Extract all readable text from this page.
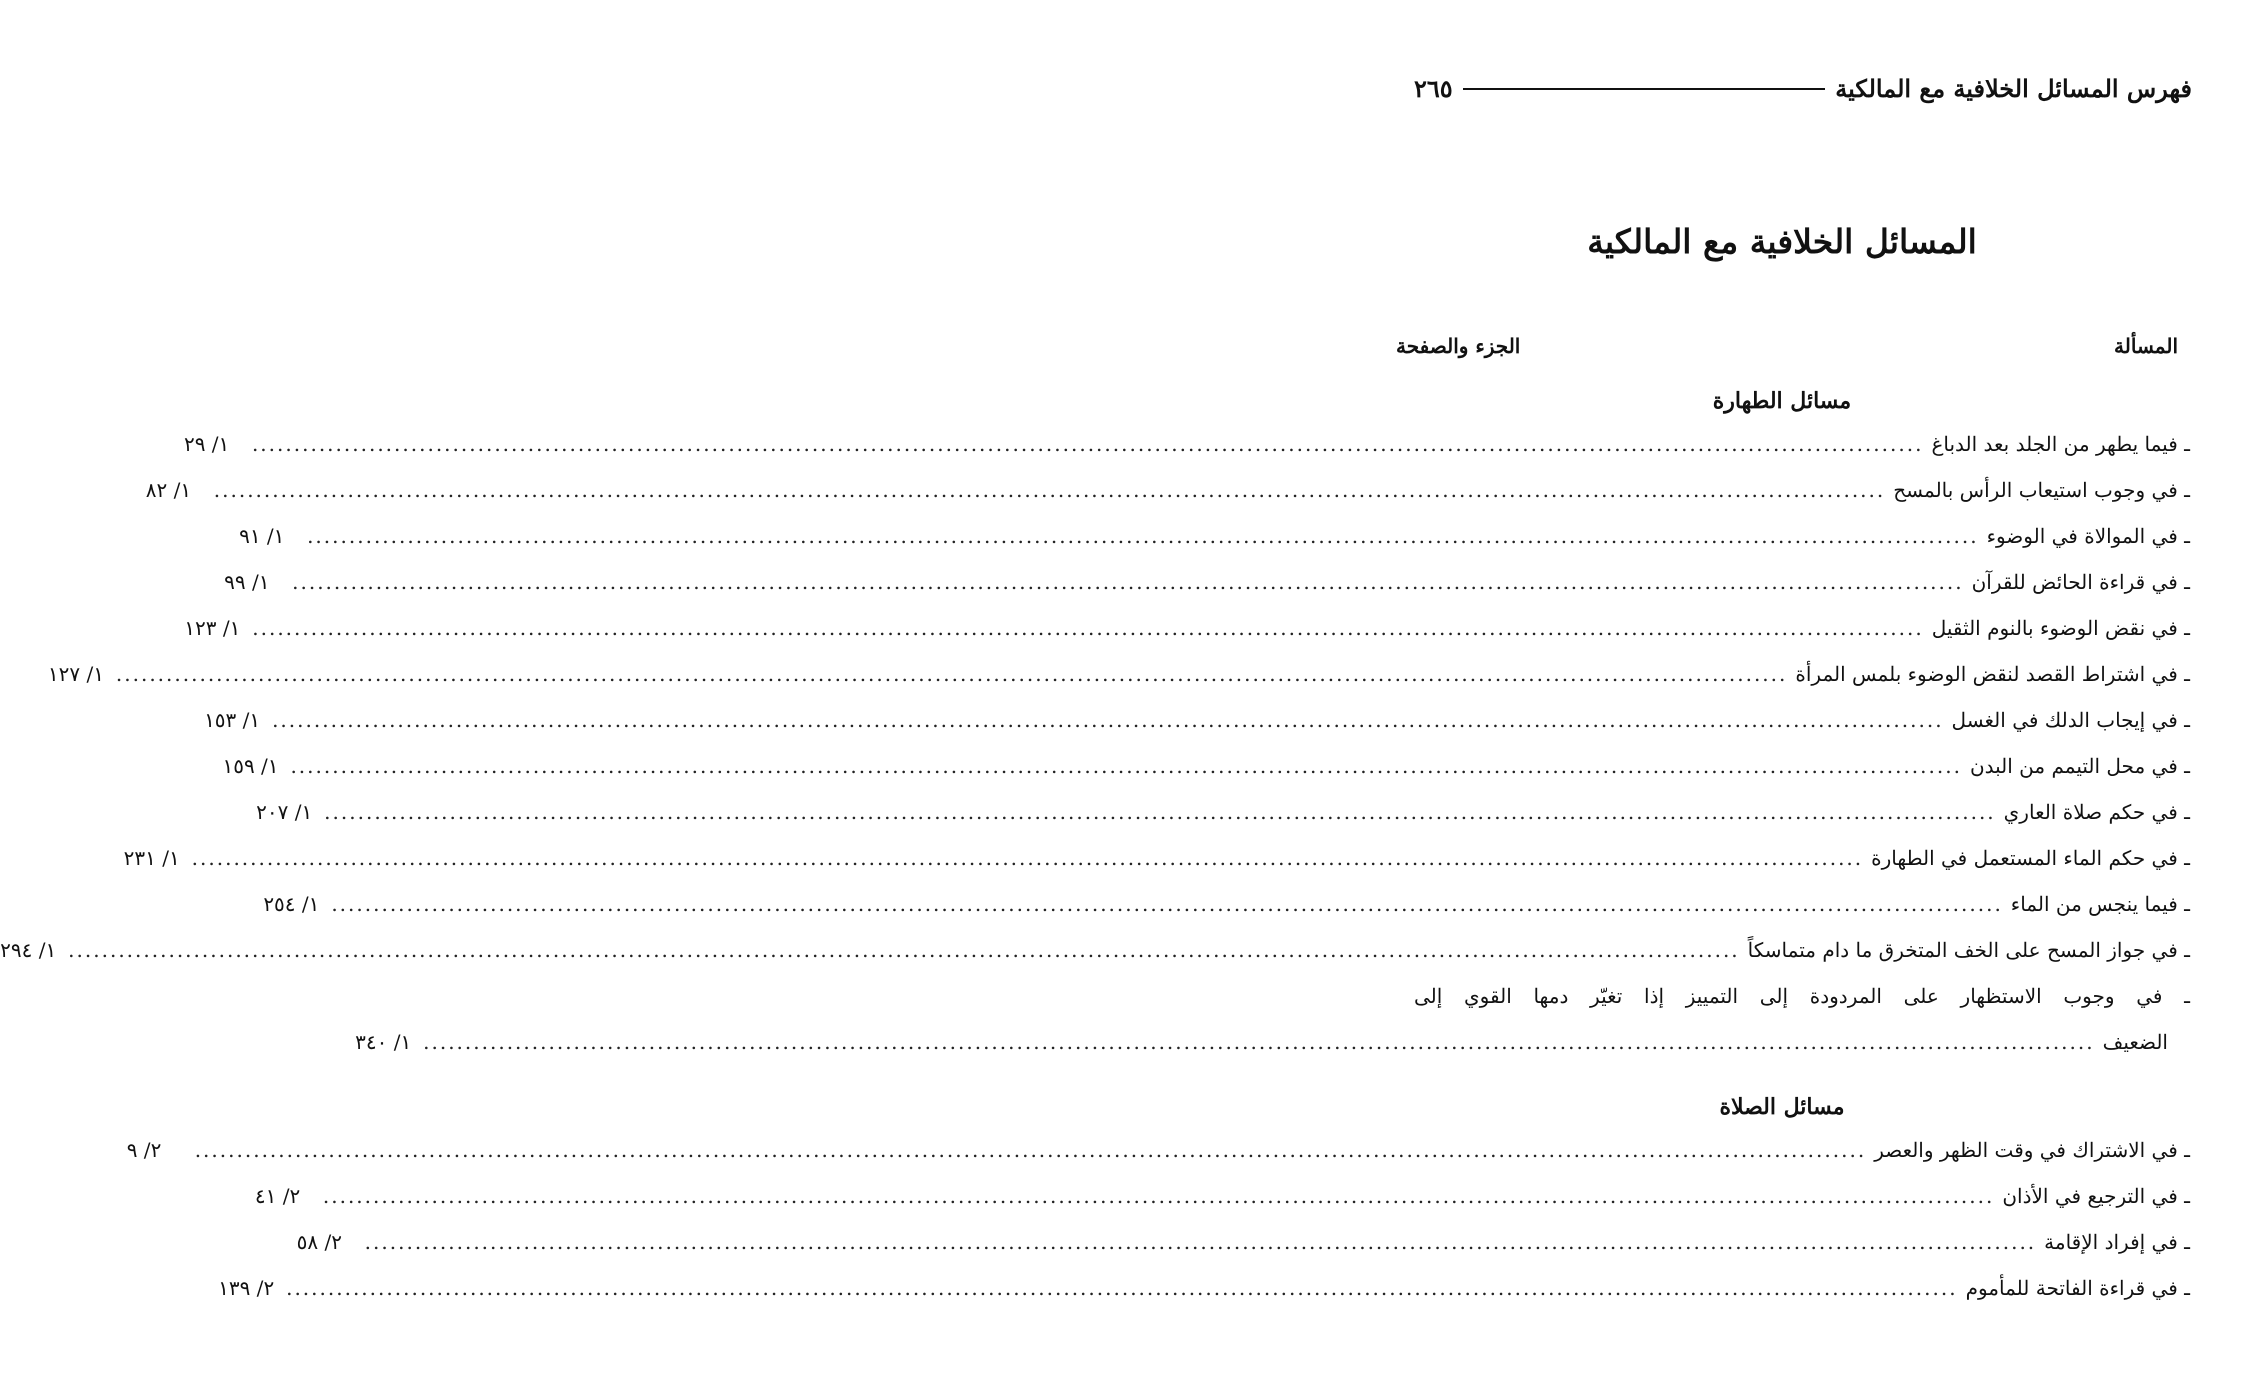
فهرس المسائل الخلافية مع المالكية
٢٦٥
المسائل الخلافية مع المالكية
المسألة
الجزء والصفحة
مسائل الطهارة
ـ فيما يطهر من الجلد بعد الدباغ
........................................................................................................................................................................................................
١/ ٢٩
ـ في وجوب استيعاب الرأس بالمسح
........................................................................................................................................................................................................
١/ ٨٢
ـ في الموالاة في الوضوء
........................................................................................................................................................................................................
١/ ٩١
ـ في قراءة الحائض للقرآن
........................................................................................................................................................................................................
١/ ٩٩
ـ في نقض الوضوء بالنوم الثقيل
........................................................................................................................................................................................................
١/ ١٢٣
ـ في اشتراط القصد لنقض الوضوء بلمس المرأة
........................................................................................................................................................................................................
١/ ١٢٧
ـ في إيجاب الدلك في الغسل
........................................................................................................................................................................................................
١/ ١٥٣
ـ في محل التيمم من البدن
........................................................................................................................................................................................................
١/ ١٥٩
ـ في حكم صلاة العاري
........................................................................................................................................................................................................
١/ ٢٠٧
ـ في حكم الماء المستعمل في الطهارة
........................................................................................................................................................................................................
١/ ٢٣١
ـ فيما ينجس من الماء
........................................................................................................................................................................................................
١/ ٢٥٤
ـ في جواز المسح على الخف المتخرق ما دام متماسكاً
........................................................................................................................................................................................................
١/ ٢٩٤
ـ في وجوب الاستظهار على المردودة إلى التمييز إذا تغيّر دمها القوي إلى
الضعيف
........................................................................................................................................................................................................
١/ ٣٤٠
مسائل الصلاة
ـ في الاشتراك في وقت الظهر والعصر
........................................................................................................................................................................................................
٢/ ٩
ـ في الترجيع في الأذان
........................................................................................................................................................................................................
٢/ ٤١
ـ في إفراد الإقامة
........................................................................................................................................................................................................
٢/ ٥٨
ـ في قراءة الفاتحة للمأموم
........................................................................................................................................................................................................
٢/ ١٣٩
